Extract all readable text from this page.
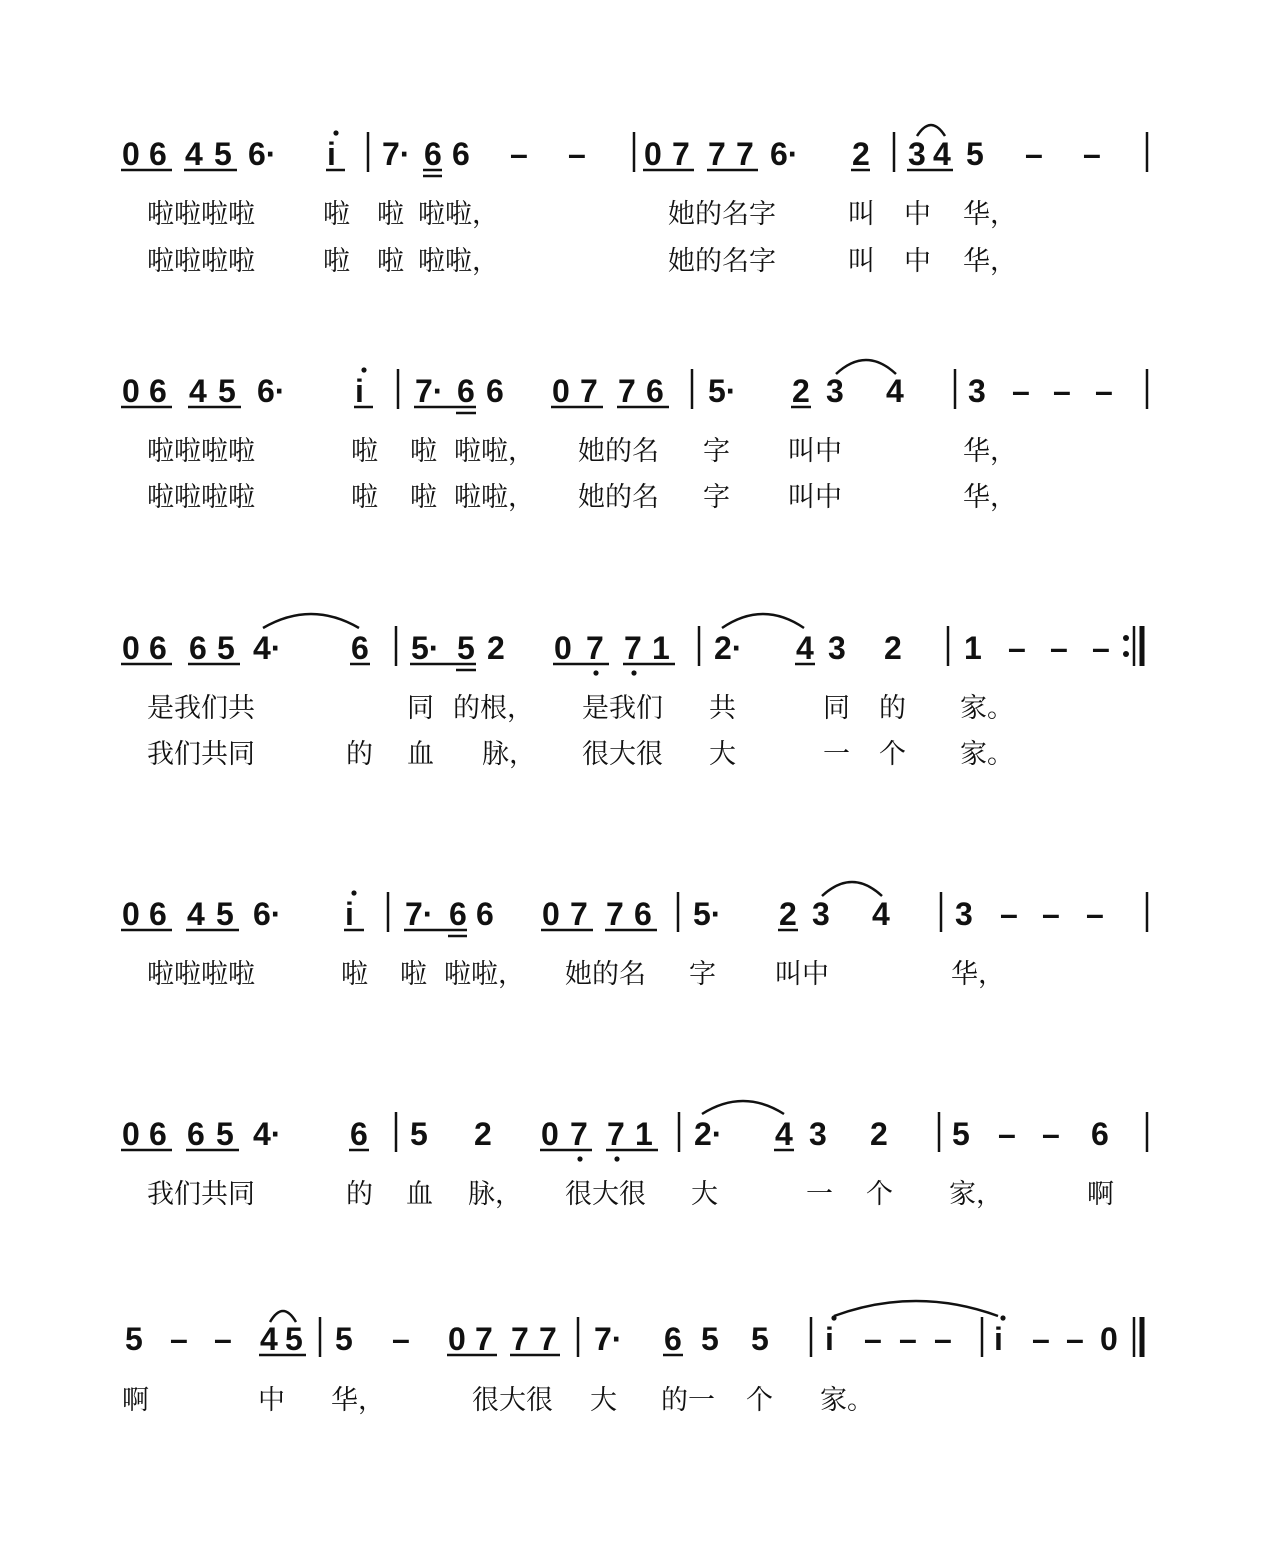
0 6 4 5 6· i 7· 6 6 – – 0 7 7 7 6· 2 3 4 5 – –
啦啦啦啦	啦 啦 啦啦，	她的名字	叫 中 华，
啦啦啦啦	啦 啦 啦啦，	她的名字	叫 中 华，
0 6 4 5 6· i 7· 6 6 0 7 7 6 5· 2 3 4 3 – – –
啦啦啦啦	啦 啦 啦啦， 她的名 字 叫中	华，
啦啦啦啦	啦 啦 啦啦， 她的名 字 叫中	华，
0 6 6 5 4· 6 5· 5 2 0 7 7 1 2· 4 3 2 1 – – –
是我们共	同 的根， 是我们 共	同 的 家。
我们共同	的 血 脉， 很大很 大	一 个 家。
0 6 4 5 6· i 7· 6 6 0 7 7 6 5· 2 3 4 3 – – –
啦啦啦啦	啦 啦 啦啦， 她的名 字 叫中	华，
0 6 6 5 4· 6 5 2 0 7 7 1 2· 4 3 2 5 – – 6
我们共同	的 血 脉， 很大很 大	一 个 家，	啊
5 – – 4 5 5 – 0 7 7 7 7· 6 5 5 i – – – i – – 0
啊	中 华，	很大很 大 的一 个 家。
